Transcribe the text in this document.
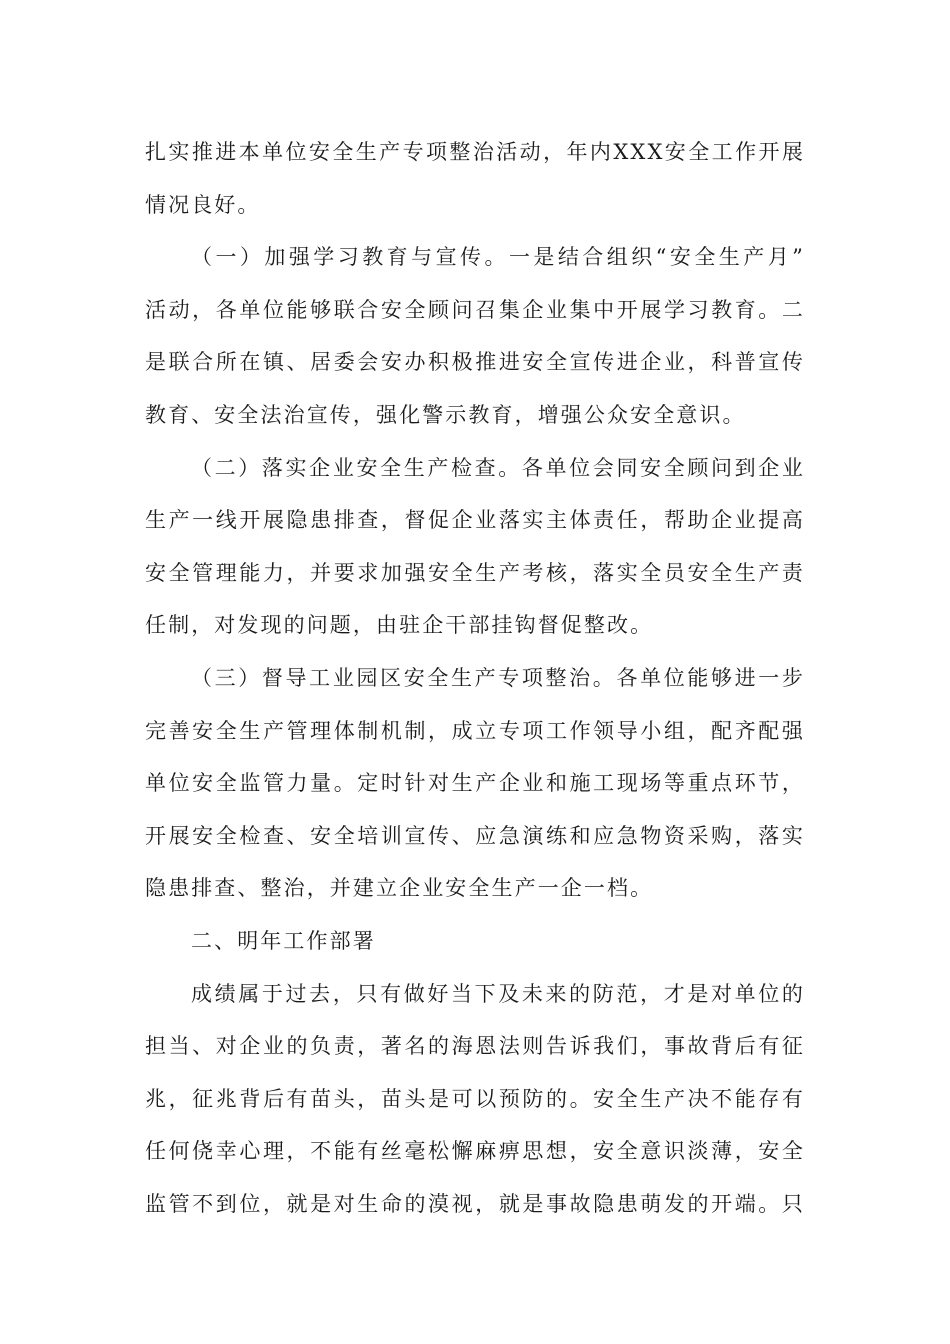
扎实推进本单位安全生产专项整治活动，年内XXX安全工作开展
情况良好。
（一）加强学习教育与宣传。一是结合组织“安全生产月”
活动，各单位能够联合安全顾问召集企业集中开展学习教育。二
是联合所在镇、居委会安办积极推进安全宣传进企业，科普宣传
教育、安全法治宣传，强化警示教育，增强公众安全意识。
（二）落实企业安全生产检查。各单位会同安全顾问到企业
生产一线开展隐患排查，督促企业落实主体责任，帮助企业提高
安全管理能力，并要求加强安全生产考核，落实全员安全生产责
任制，对发现的问题，由驻企干部挂钩督促整改。
（三）督导工业园区安全生产专项整治。各单位能够进一步
完善安全生产管理体制机制，成立专项工作领导小组，配齐配强
单位安全监管力量。定时针对生产企业和施工现场等重点环节，
开展安全检查、安全培训宣传、应急演练和应急物资采购，落实
隐患排查、整治，并建立企业安全生产一企一档。
二、明年工作部署
成绩属于过去，只有做好当下及未来的防范，才是对单位的
担当、对企业的负责，著名的海恩法则告诉我们，事故背后有征
兆，征兆背后有苗头，苗头是可以预防的。安全生产决不能存有
任何侥幸心理，不能有丝毫松懈麻痹思想，安全意识淡薄，安全
监管不到位，就是对生命的漠视，就是事故隐患萌发的开端。只
